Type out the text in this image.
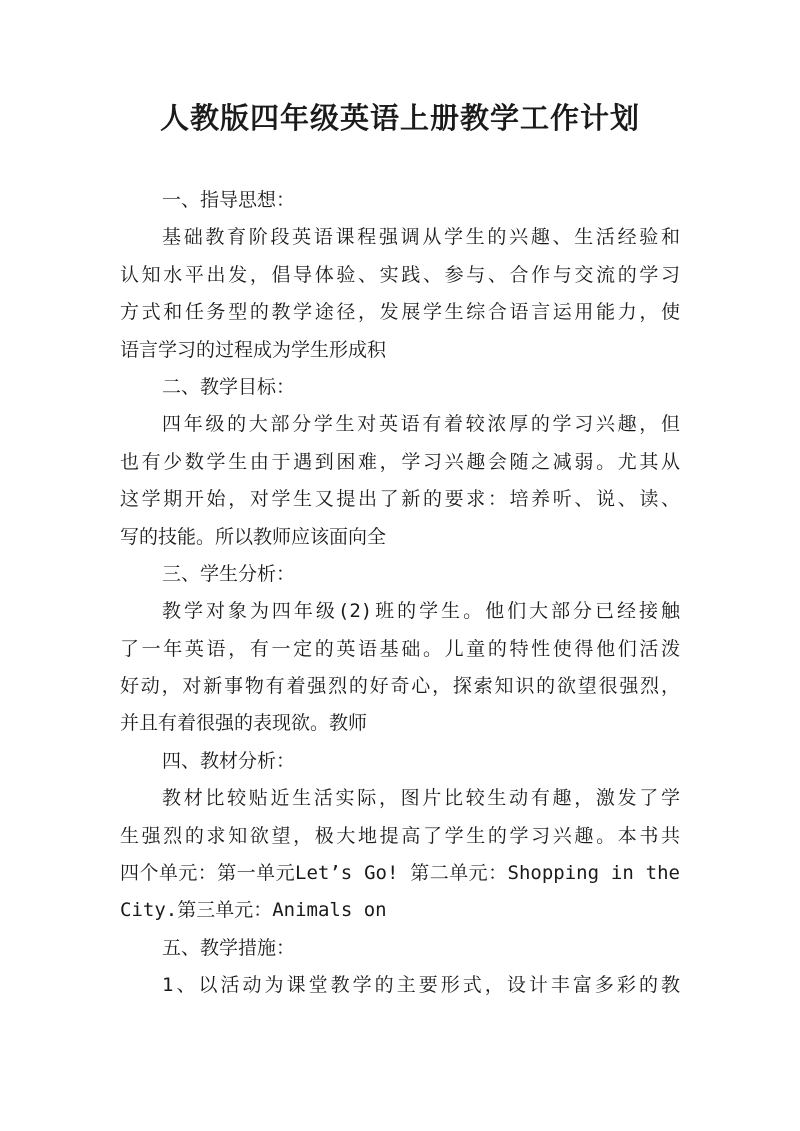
人教版四年级英语上册教学工作计划
一、指导思想：
基础教育阶段英语课程强调从学生的兴趣、生活经验和
认知水平出发，倡导体验、实践、参与、合作与交流的学习
方式和任务型的教学途径，发展学生综合语言运用能力，使
语言学习的过程成为学生形成积
二、教学目标：
四年级的大部分学生对英语有着较浓厚的学习兴趣，但
也有少数学生由于遇到困难，学习兴趣会随之减弱。尤其从
这学期开始，对学生又提出了新的要求：培养听、说、读、
写的技能。所以教师应该面向全
三、学生分析：
教学对象为四年级(2)班的学生。他们大部分已经接触
了一年英语，有一定的英语基础。儿童的特性使得他们活泼
好动，对新事物有着强烈的好奇心，探索知识的欲望很强烈，
并且有着很强的表现欲。教师
四、教材分析：
教材比较贴近生活实际，图片比较生动有趣，激发了学
生强烈的求知欲望，极大地提高了学生的学习兴趣。本书共
四个单元：第一单元Let’s Go! 第二单元：Shopping in the
City.第三单元：Animals on
五、教学措施：
1、以活动为课堂教学的主要形式，设计丰富多彩的教
